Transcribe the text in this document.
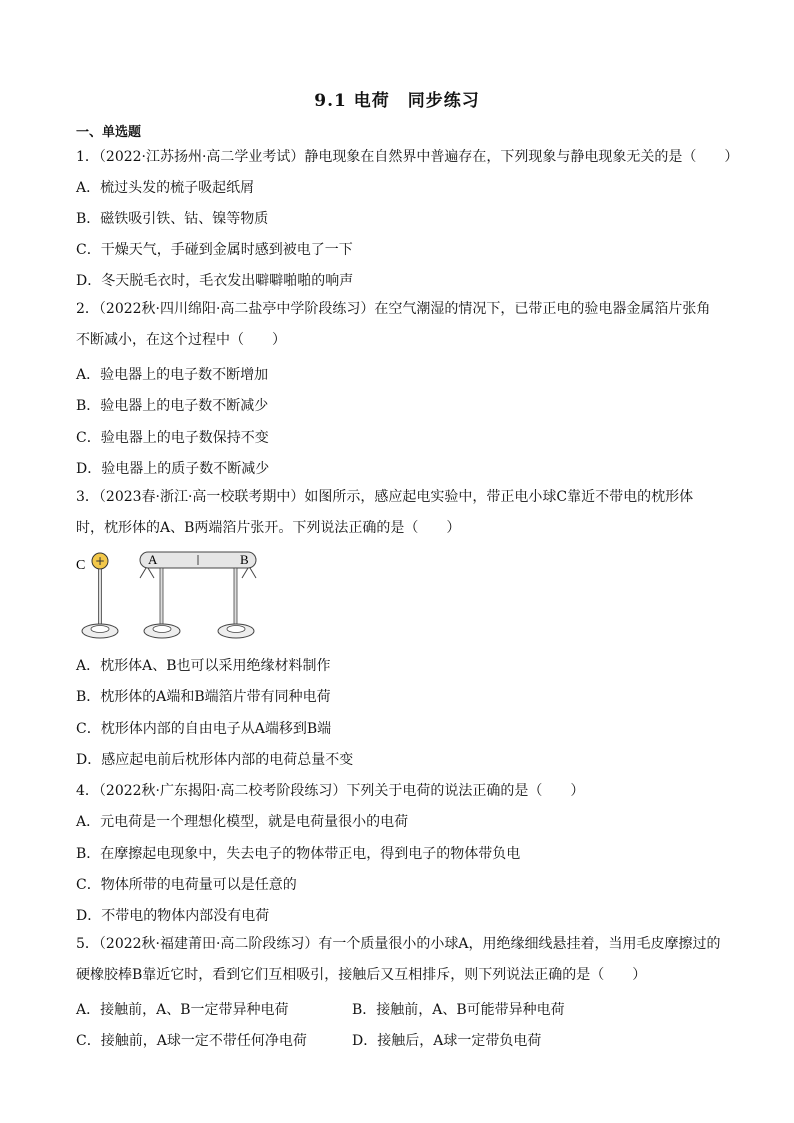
9.1 电荷　同步练习
一、单选题
1．（2022·江苏扬州·高二学业考试）静电现象在自然界中普遍存在，下列现象与静电现象无关的是（　　）
A．梳过头发的梳子吸起纸屑
B．磁铁吸引铁、钴、镍等物质
C．干燥天气，手碰到金属时感到被电了一下
D．冬天脱毛衣时，毛衣发出噼噼啪啪的响声
2．（2022秋·四川绵阳·高二盐亭中学阶段练习）在空气潮湿的情况下，已带正电的验电器金属箔片张角不断减小，在这个过程中（　　）
A．验电器上的电子数不断增加
B．验电器上的电子数不断减少
C．验电器上的电子数保持不变
D．验电器上的质子数不断减少
3．（2023春·浙江·高一校联考期中）如图所示，感应起电实验中，带正电小球C靠近不带电的枕形体时，枕形体的A、B两端箔片张开。下列说法正确的是（　　）
C +	A	B
A．枕形体A、B也可以采用绝缘材料制作
B．枕形体的A端和B端箔片带有同种电荷
C．枕形体内部的自由电子从A端移到B端
D．感应起电前后枕形体内部的电荷总量不变
4．（2022秋·广东揭阳·高二校考阶段练习）下列关于电荷的说法正确的是（　　）
A．元电荷是一个理想化模型，就是电荷量很小的电荷
B．在摩擦起电现象中，失去电子的物体带正电，得到电子的物体带负电
C．物体所带的电荷量可以是任意的
D．不带电的物体内部没有电荷
5．（2022秋·福建莆田·高二阶段练习）有一个质量很小的小球A，用绝缘细线悬挂着，当用毛皮摩擦过的硬橡胶棒B靠近它时，看到它们互相吸引，接触后又互相排斥，则下列说法正确的是（　　）
A．接触前，A、B一定带异种电荷	B．接触前，A、B可能带异种电荷
C．接触前，A球一定不带任何净电荷	D．接触后，A球一定带负电荷
